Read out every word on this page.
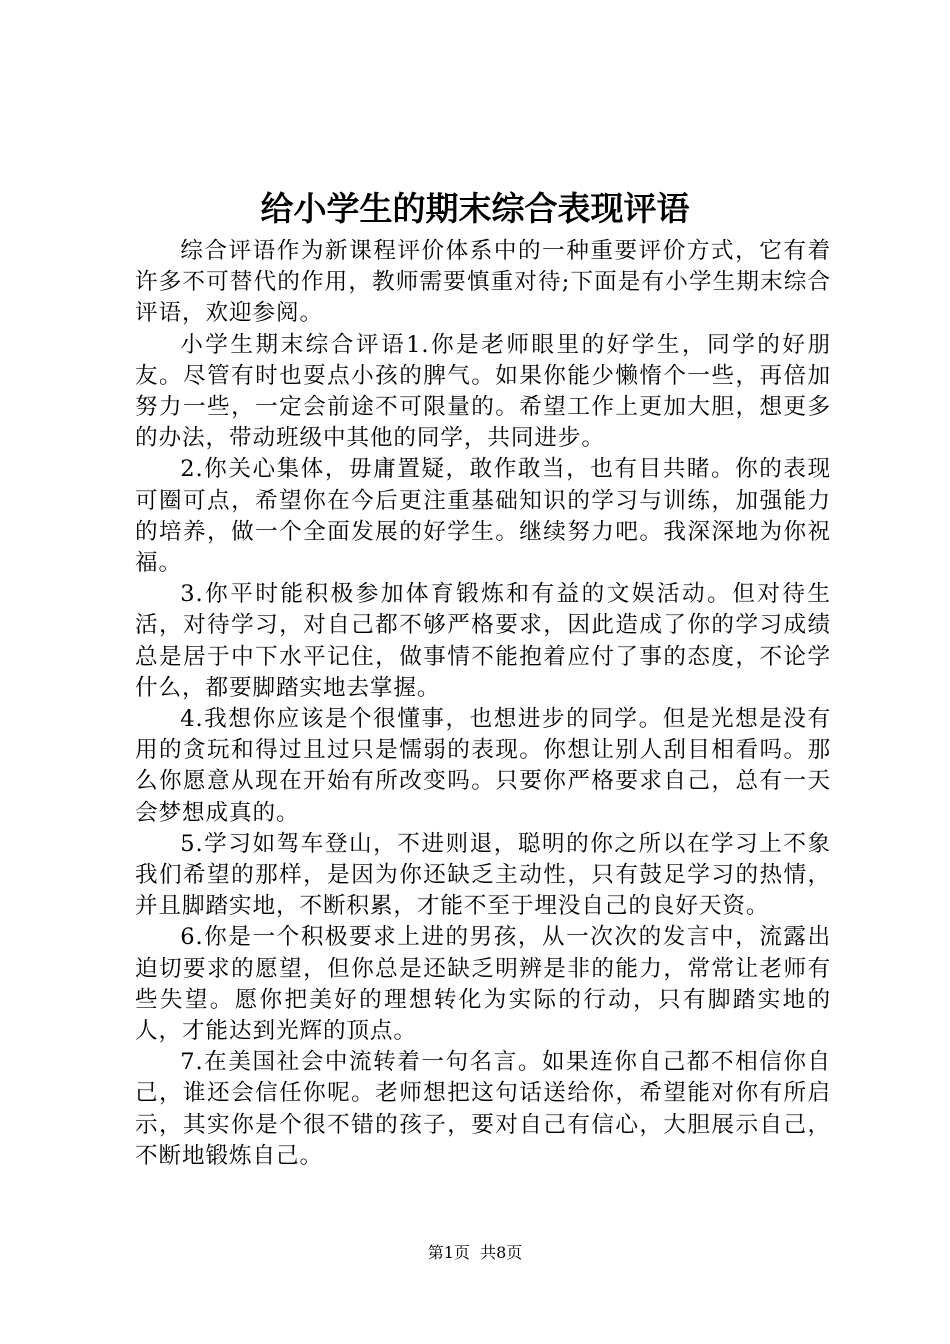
给小学生的期末综合表现评语

综合评语作为新课程评价体系中的一种重要评价方式，它有着许多不可替代的作用，教师需要慎重对待;下面是有小学生期末综合评语，欢迎参阅。

小学生期末综合评语1.你是老师眼里的好学生，同学的好朋友。尽管有时也耍点小孩的脾气。如果你能少懒惰个一些，再倍加努力一些，一定会前途不可限量的。希望工作上更加大胆，想更多的办法，带动班级中其他的同学，共同进步。

2.你关心集体，毋庸置疑，敢作敢当，也有目共睹。你的表现可圈可点，希望你在今后更注重基础知识的学习与训练，加强能力的培养，做一个全面发展的好学生。继续努力吧。我深深地为你祝福。

3.你平时能积极参加体育锻炼和有益的文娱活动。但对待生活，对待学习，对自己都不够严格要求，因此造成了你的学习成绩总是居于中下水平记住，做事情不能抱着应付了事的态度，不论学什么，都要脚踏实地去掌握。

4.我想你应该是个很懂事，也想进步的同学。但是光想是没有用的贪玩和得过且过只是懦弱的表现。你想让别人刮目相看吗。那么你愿意从现在开始有所改变吗。只要你严格要求自己，总有一天会梦想成真的。

5.学习如驾车登山，不进则退，聪明的你之所以在学习上不象我们希望的那样，是因为你还缺乏主动性，只有鼓足学习的热情，并且脚踏实地，不断积累，才能不至于埋没自己的良好天资。

6.你是一个积极要求上进的男孩，从一次次的发言中，流露出迫切要求的愿望，但你总是还缺乏明辨是非的能力，常常让老师有些失望。愿你把美好的理想转化为实际的行动，只有脚踏实地的人，才能达到光辉的顶点。

7.在美国社会中流转着一句名言。如果连你自己都不相信你自己，谁还会信任你呢。老师想把这句话送给你，希望能对你有所启示，其实你是个很不错的孩子，要对自己有信心，大胆展示自己，不断地锻炼自己。

第1页  共8页
